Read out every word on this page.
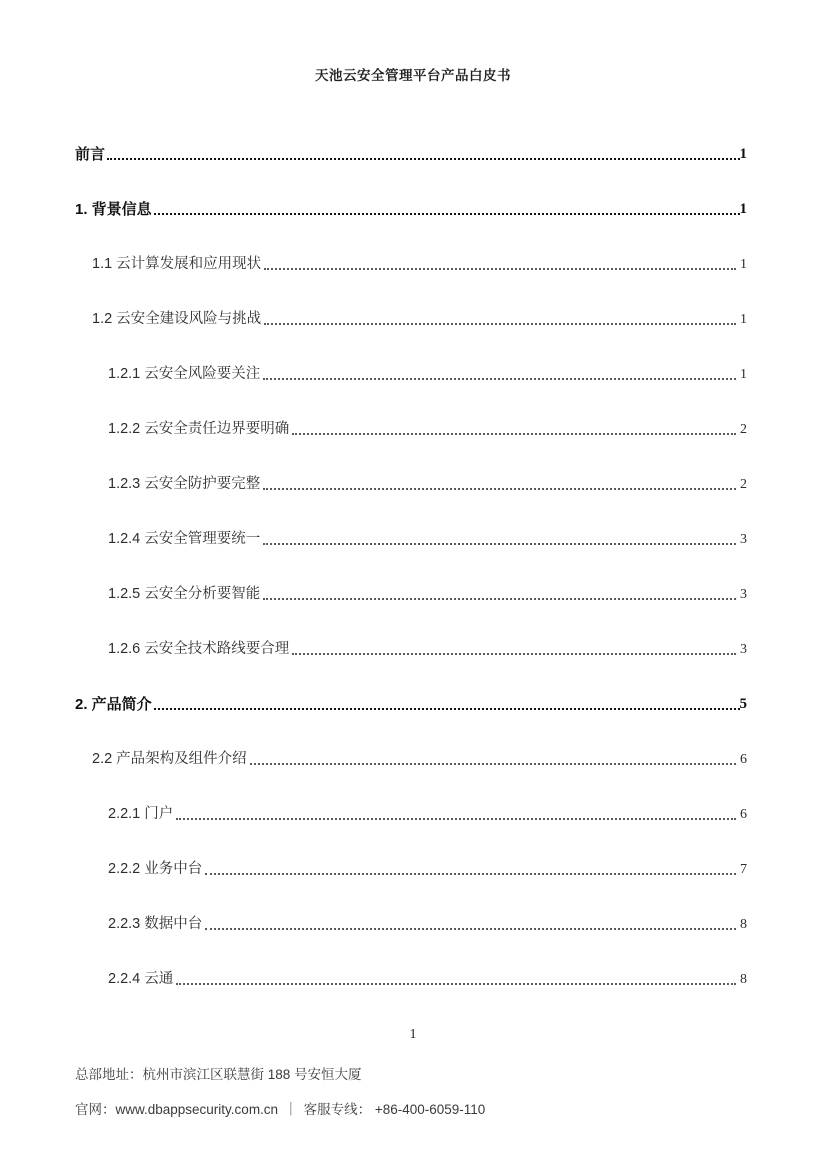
天池云安全管理平台产品白皮书
前言	1
1. 背景信息	1
1.1 云计算发展和应用现状	1
1.2 云安全建设风险与挑战	1
1.2.1 云安全风险要关注	1
1.2.2 云安全责任边界要明确	2
1.2.3 云安全防护要完整	2
1.2.4 云安全管理要统一	3
1.2.5 云安全分析要智能	3
1.2.6 云安全技术路线要合理	3
2. 产品简介	5
2.2 产品架构及组件介绍	6
2.2.1 门户	6
2.2.2 业务中台	7
2.2.3 数据中台	8
2.2.4 云通	8
1
总部地址：杭州市滨江区联慧街 188 号安恒大厦
官网：www.dbappsecurity.com.cn ｜ 客服专线： +86-400-6059-110
